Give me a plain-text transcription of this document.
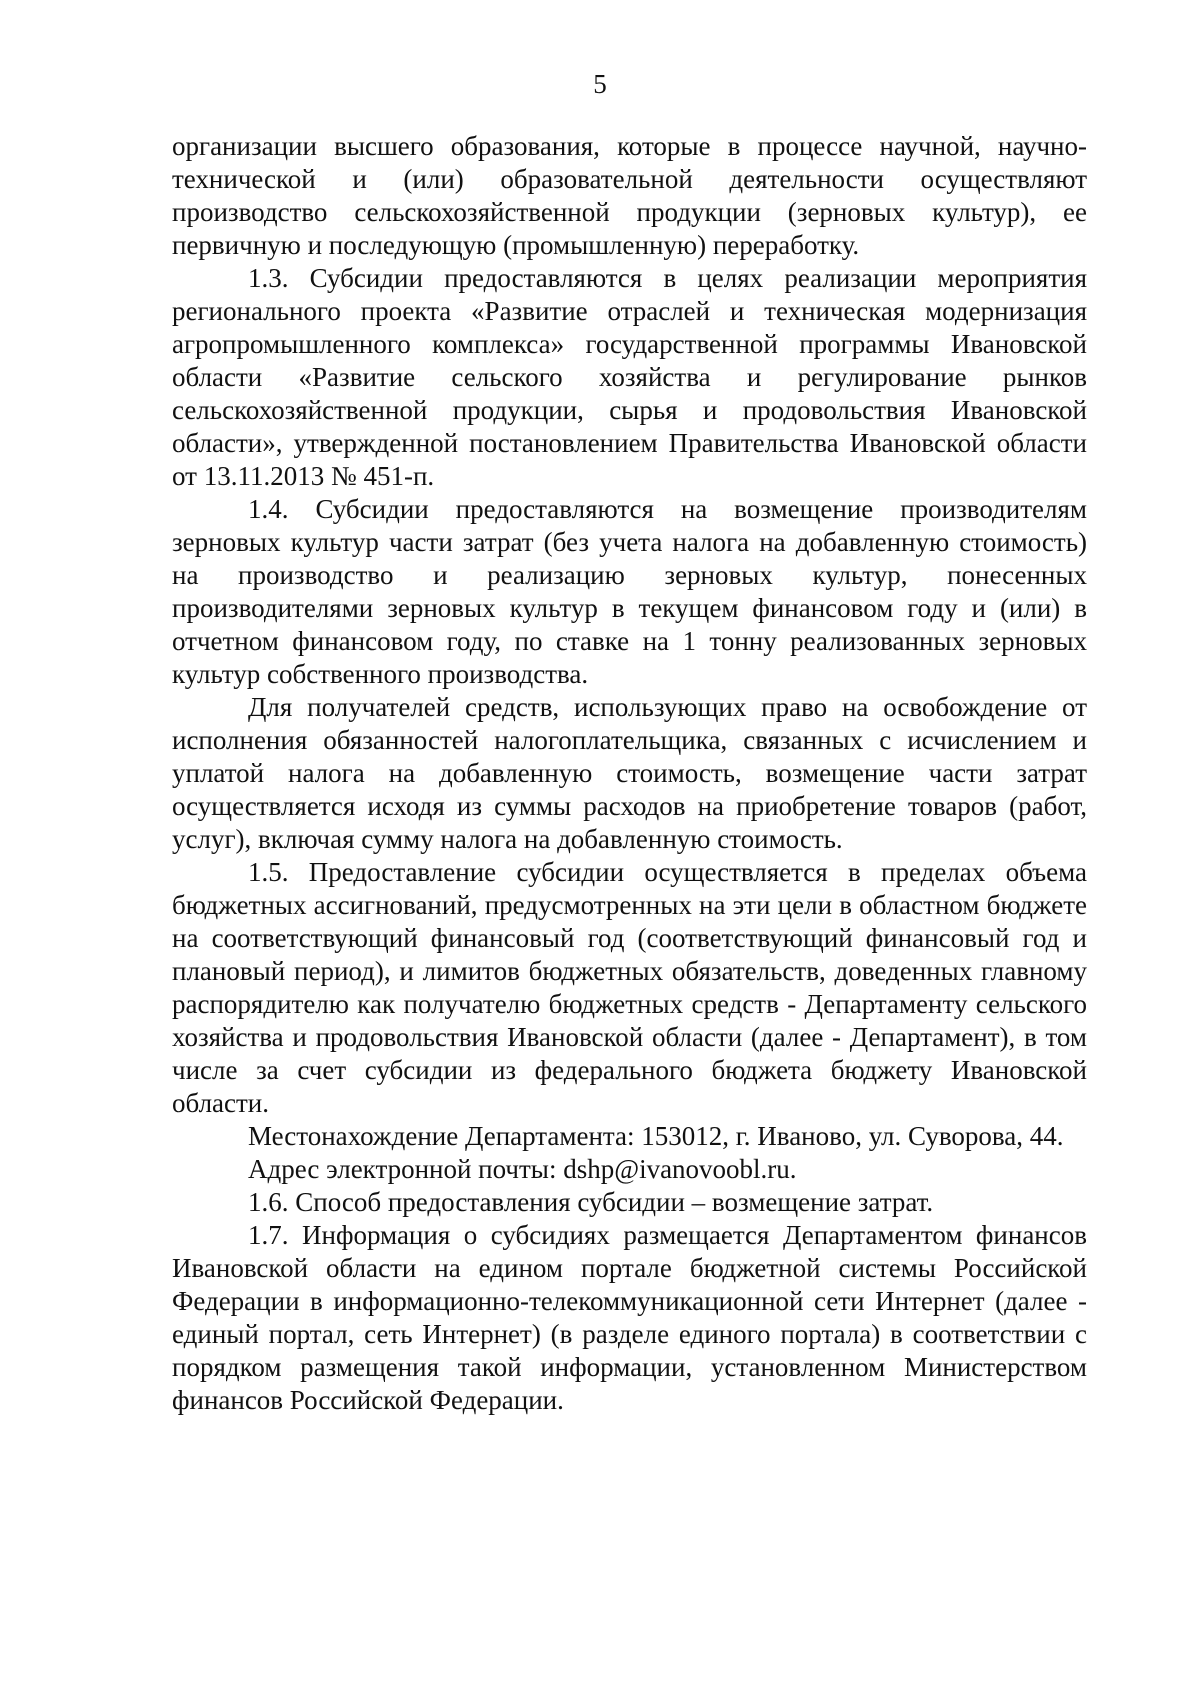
5

организации высшего образования, которые в процессе научной, научно-технической и (или) образовательной деятельности осуществляют производство сельскохозяйственной продукции (зерновых культур), ее первичную и последующую (промышленную) переработку.

1.3. Субсидии предоставляются в целях реализации мероприятия регионального проекта «Развитие отраслей и техническая модернизация агропромышленного комплекса» государственной программы Ивановской области «Развитие сельского хозяйства и регулирование рынков сельскохозяйственной продукции, сырья и продовольствия Ивановской области», утвержденной постановлением Правительства Ивановской области от 13.11.2013 № 451-п.

1.4. Субсидии предоставляются на возмещение производителям зерновых культур части затрат (без учета налога на добавленную стоимость) на производство и реализацию зерновых культур, понесенных производителями зерновых культур в текущем финансовом году и (или) в отчетном финансовом году, по ставке на 1 тонну реализованных зерновых культур собственного производства.

Для получателей средств, использующих право на освобождение от исполнения обязанностей налогоплательщика, связанных с исчислением и уплатой налога на добавленную стоимость, возмещение части затрат осуществляется исходя из суммы расходов на приобретение товаров (работ, услуг), включая сумму налога на добавленную стоимость.

1.5. Предоставление субсидии осуществляется в пределах объема бюджетных ассигнований, предусмотренных на эти цели в областном бюджете на соответствующий финансовый год (соответствующий финансовый год и плановый период), и лимитов бюджетных обязательств, доведенных главному распорядителю как получателю бюджетных средств - Департаменту сельского хозяйства и продовольствия Ивановской области (далее - Департамент), в том числе за счет субсидии из федерального бюджета бюджету Ивановской области.

Местонахождение Департамента: 153012, г. Иваново, ул. Суворова, 44.

Адрес электронной почты: dshp@ivanovoobl.ru.

1.6. Способ предоставления субсидии – возмещение затрат.

1.7. Информация о субсидиях размещается Департаментом финансов Ивановской области на едином портале бюджетной системы Российской Федерации в информационно-телекоммуникационной сети Интернет (далее - единый портал, сеть Интернет) (в разделе единого портала) в соответствии с порядком размещения такой информации, установленном Министерством финансов Российской Федерации.
